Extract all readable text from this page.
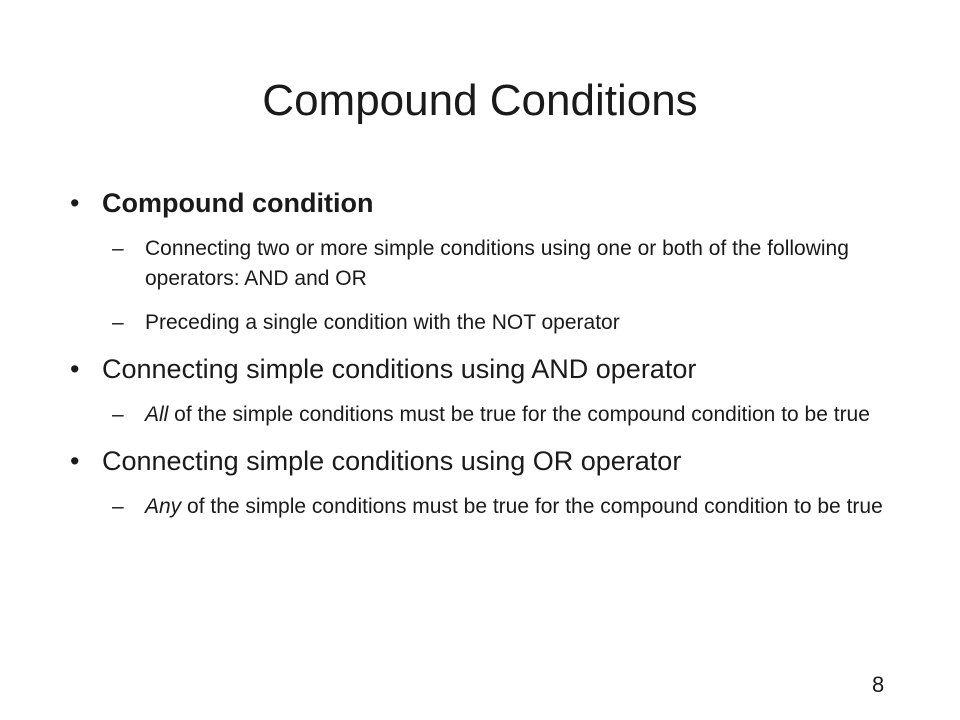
Compound Conditions
• Compound condition
– Connecting two or more simple conditions using one or both of the following operators: AND and OR
– Preceding a single condition with the NOT operator
• Connecting simple conditions using AND operator
– All of the simple conditions must be true for the compound condition to be true
• Connecting simple conditions using OR operator
– Any of the simple conditions must be true for the compound condition to be true
8
